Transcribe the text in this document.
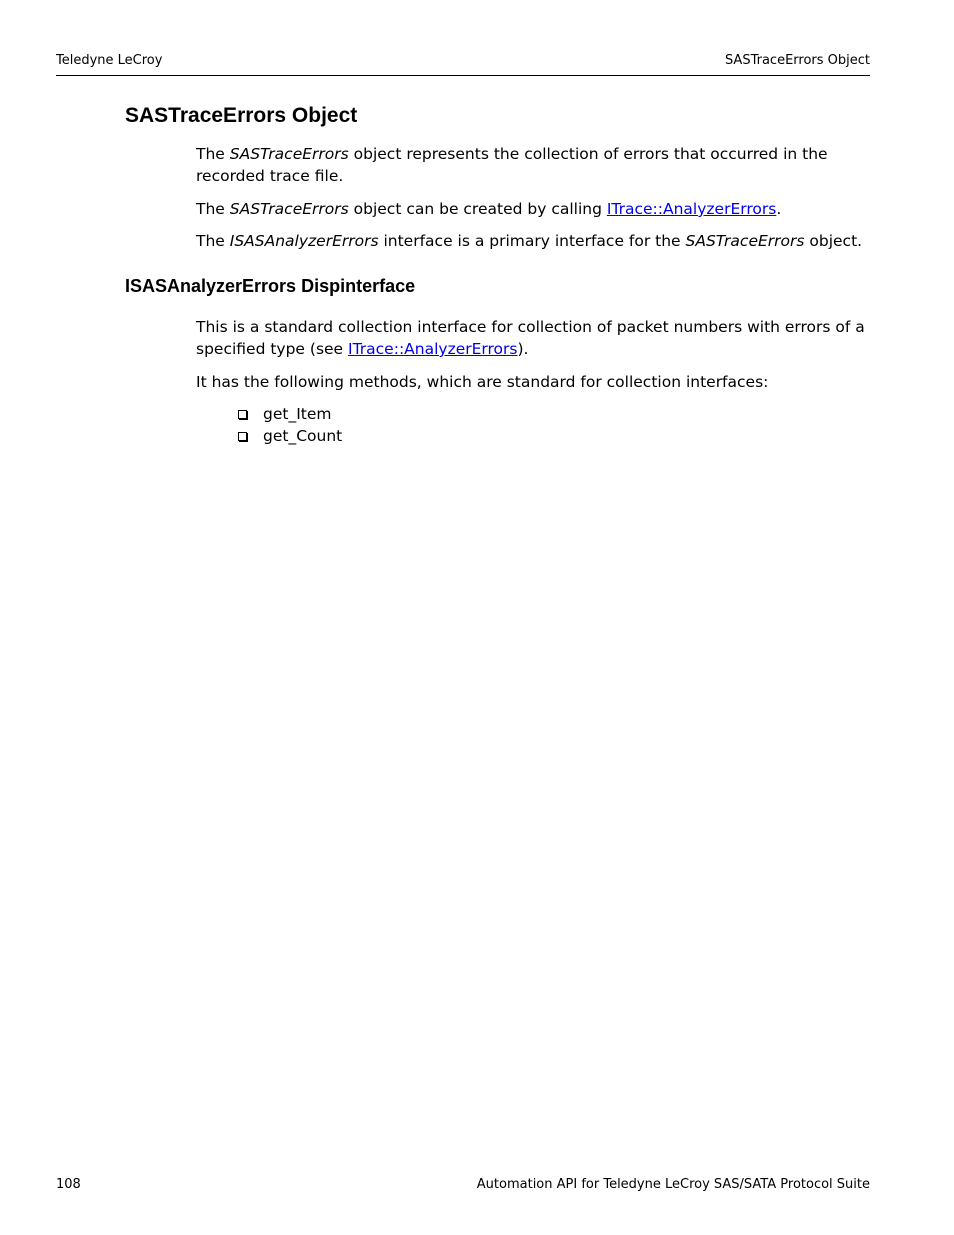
Teledyne LeCroy	SASTraceErrors Object
SASTraceErrors Object

The SASTraceErrors object represents the collection of errors that occurred in the recorded trace file.

The SASTraceErrors object can be created by calling ITrace::AnalyzerErrors.

The ISASAnalyzerErrors interface is a primary interface for the SASTraceErrors object.

ISASAnalyzerErrors Dispinterface

This is a standard collection interface for collection of packet numbers with errors of a specified type (see ITrace::AnalyzerErrors).

It has the following methods, which are standard for collection interfaces:

get_Item
get_Count
108	Automation API for Teledyne LeCroy SAS/SATA Protocol Suite
